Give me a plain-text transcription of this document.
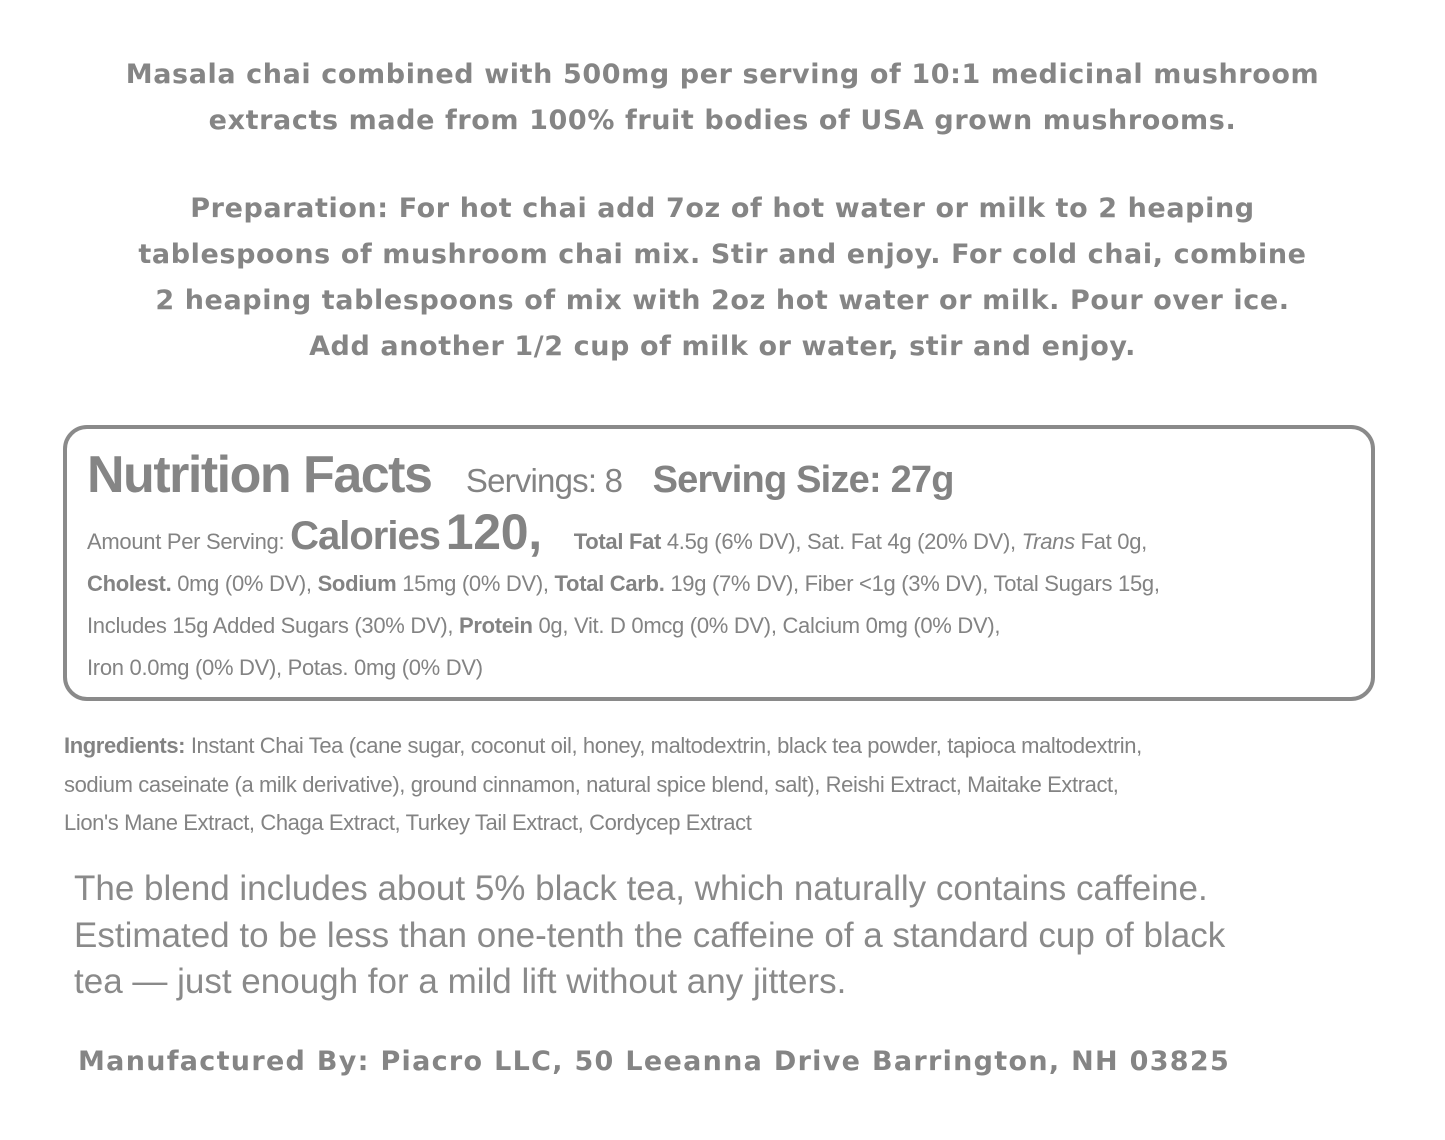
Masala chai combined with 500mg per serving of 10:1 medicinal mushroom
extracts made from 100% fruit bodies of USA grown mushrooms.
Preparation: For hot chai add 7oz of hot water or milk to 2 heaping
tablespoons of mushroom chai mix. Stir and enjoy. For cold chai, combine
2 heaping tablespoons of mix with 2oz hot water or milk. Pour over ice.
Add another 1/2 cup of milk or water, stir and enjoy.
Nutrition Facts Servings: 8 Serving Size: 27g
Amount Per Serving: Calories 120, Total Fat 4.5g (6% DV), Sat. Fat 4g (20% DV), Trans Fat 0g,
Cholest. 0mg (0% DV), Sodium 15mg (0% DV), Total Carb. 19g (7% DV), Fiber <1g (3% DV), Total Sugars 15g,
Includes 15g Added Sugars (30% DV), Protein 0g, Vit. D 0mcg (0% DV), Calcium 0mg (0% DV),
Iron 0.0mg (0% DV), Potas. 0mg (0% DV)
Ingredients: Instant Chai Tea (cane sugar, coconut oil, honey, maltodextrin, black tea powder, tapioca maltodextrin,
sodium caseinate (a milk derivative), ground cinnamon, natural spice blend, salt), Reishi Extract, Maitake Extract,
Lion's Mane Extract, Chaga Extract, Turkey Tail Extract, Cordycep Extract
The blend includes about 5% black tea, which naturally contains caffeine.
Estimated to be less than one-tenth the caffeine of a standard cup of black
tea — just enough for a mild lift without any jitters.
Manufactured By: Piacro LLC, 50 Leeanna Drive Barrington, NH 03825
